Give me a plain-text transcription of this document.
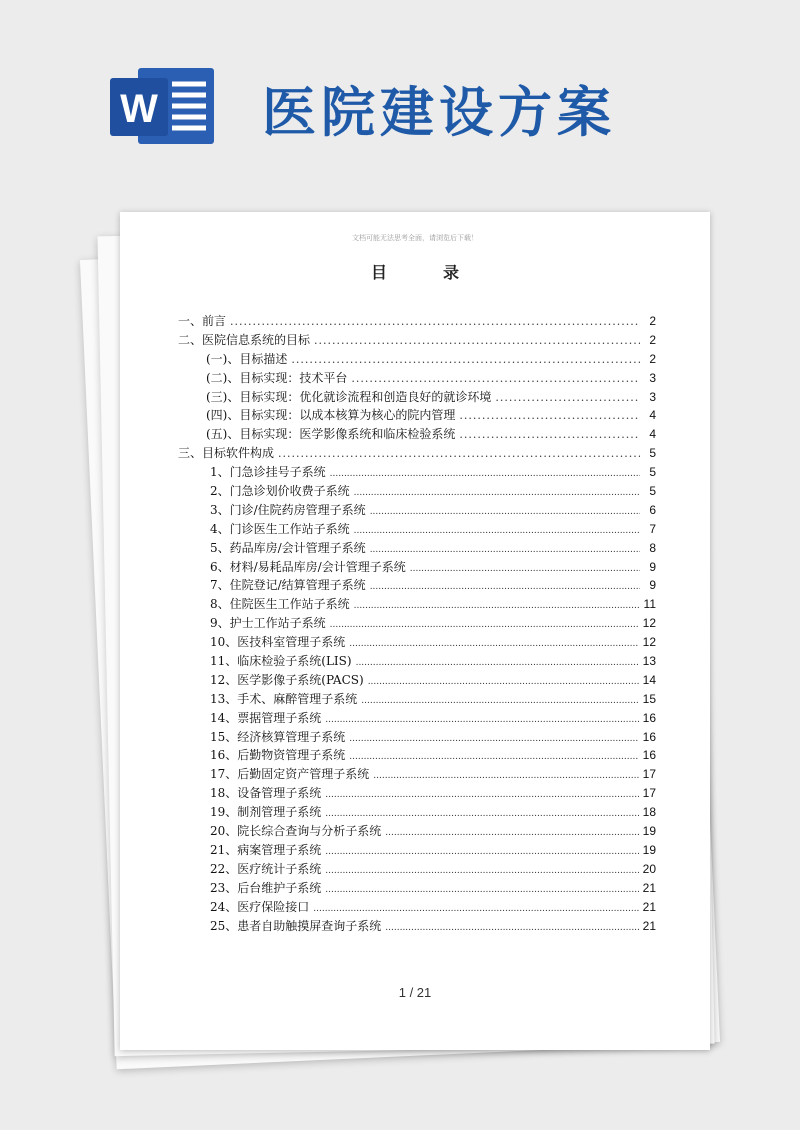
W 医院建设方案
文档可能无法思考全面，请浏览后下载！
目录
一、前言 .....	2
二、医院信息系统的目标 .....	2
(一)、目标描述 .....	2
(二)、目标实现：技术平台 .....	3
(三)、目标实现：优化就诊流程和创造良好的就诊环境 .....	3
(四)、目标实现：以成本核算为核心的院内管理 .....	4
(五)、目标实现：医学影像系统和临床检验系统 .....	4
三、目标软件构成 .....	5
1、门急诊挂号子系统 .....	5
2、门急诊划价收费子系统 .....	5
3、门诊/住院药房管理子系统 .....	6
4、门诊医生工作站子系统 .....	7
5、药品库房/会计管理子系统 .....	8
6、材料/易耗品库房/会计管理子系统 .....	9
7、住院登记/结算管理子系统 .....	9
8、住院医生工作站子系统 .....	11
9、护士工作站子系统 .....	12
10、医技科室管理子系统 .....	12
11、临床检验子系统(LIS) .....	13
12、医学影像子系统(PACS) .....	14
13、手术、麻醉管理子系统 .....	15
14、票据管理子系统 .....	16
15、经济核算管理子系统 .....	16
16、后勤物资管理子系统 .....	16
17、后勤固定资产管理子系统 .....	17
18、设备管理子系统 .....	17
19、制剂管理子系统 .....	18
20、院长综合查询与分析子系统 .....	19
21、病案管理子系统 .....	19
22、医疗统计子系统 .....	20
23、后台维护子系统 .....	21
24、医疗保险接口 .....	21
25、患者自助触摸屏查询子系统 .....	21
1 / 21
